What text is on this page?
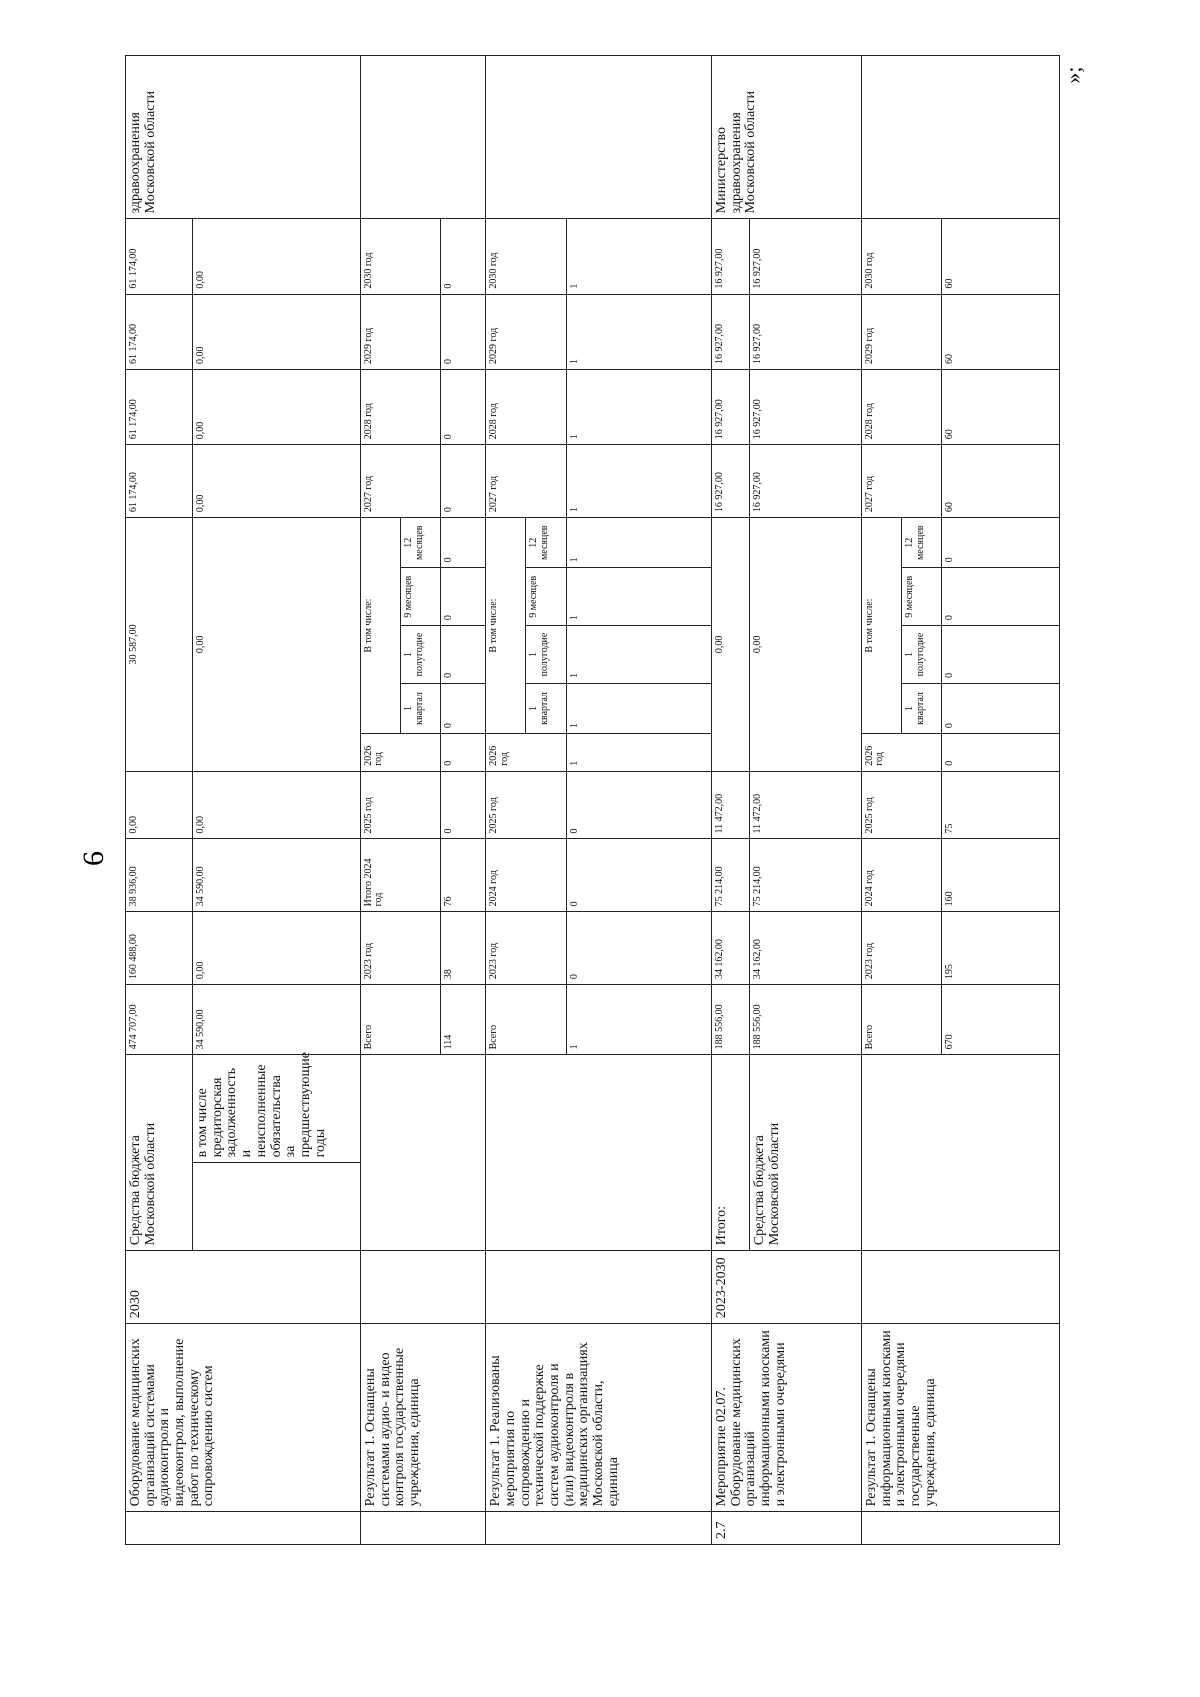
6
»;
	Оборудование медицинских организаций системами аудиоконтроля и видеоконтроля, выполнение работ по техническому сопровождению систем	2030	Средства бюджета Московской области		474 707,00	160 488,00	38 936,00	0,00	30 587,00					61 174,00	61 174,00	61 174,00	61 174,00	здравоохранения Московской области
				в том числе кредиторская задолженность и неисполненные обязательства за предшествующие годы	34 590,00	0,00	34 590,00	0,00	0,00					0,00	0,00	0,00	0,00	
	Результат 1. Оснащены системами аудио- и видео контроля государственные учреждения, единица				Всего	2023 год	Итого 2024 год	2025 год	2026 год	В том числе:				2027 год	2028 год	2029 год	2030 год	
										1 квартал	1 полугодие	9 месяцев	12 месяцев					
					114	38	76	0	0	0	0	0	0	0	0	0	0	
	Результат 1. Реализованы мероприятия по сопровождению и технической поддержке систем аудиоконтроля и (или) видеоконтроля в медицинских организациях Московской области, единица				Всего	2023 год	2024 год	2025 год	2026 год	В том числе:				2027 год	2028 год	2029 год	2030 год	
										1 квартал	1 полугодие	9 месяцев	12 месяцев					
					1	0	0	0	1	1	1	1	1	1	1	1	1	
2.7	Мероприятие 02.07. Оборудование медицинских организаций информационными киосками и электронными очередями	2023-2030	Итого:		188 556,00	34 162,00	75 214,00	11 472,00	0,00					16 927,00	16 927,00	16 927,00	16 927,00	Министерство здравоохранения Московской области
			Средства бюджета Московской области		188 556,00	34 162,00	75 214,00	11 472,00	0,00					16 927,00	16 927,00	16 927,00	16 927,00	
	Результат 1. Оснащены информационными киосками и электронными очередями государственные учреждения, единица				Всего	2023 год	2024 год	2025 год	2026 год	В том числе:				2027 год	2028 год	2029 год	2030 год	
										1 квартал	1 полугодие	9 месяцев	12 месяцев					
					670	195	160	75	0	0	0	0	0	60	60	60	60	
